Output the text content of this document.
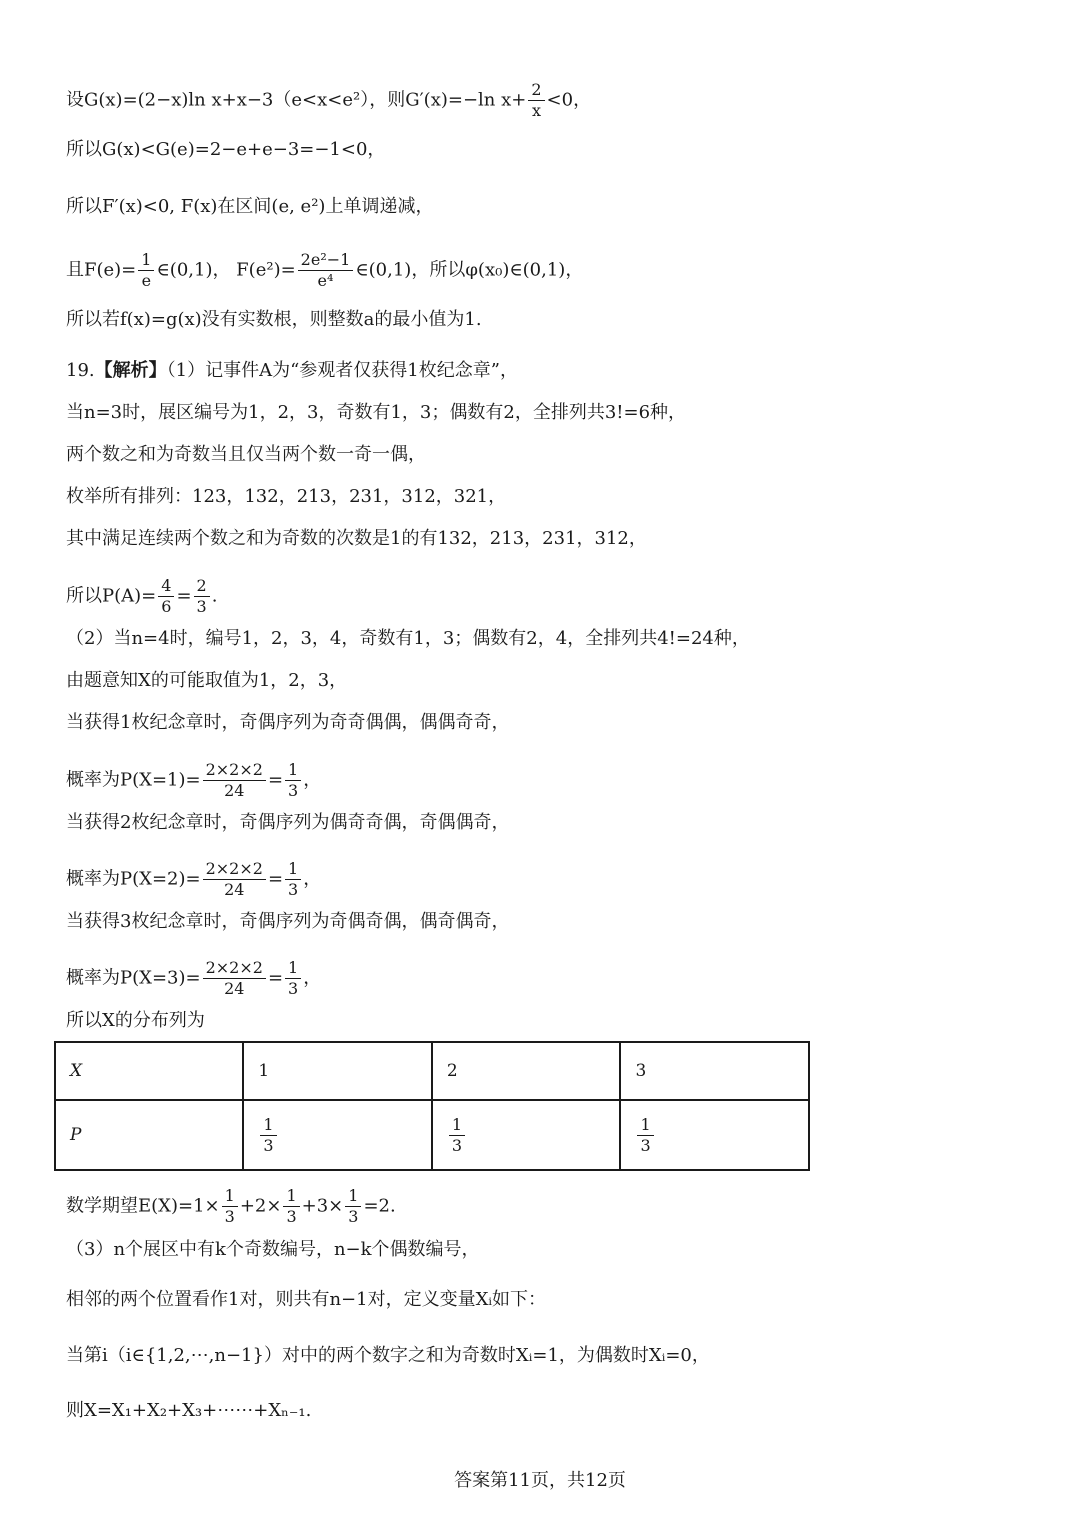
设G(x)=(2−x)ln x+x−3（e<x<e²），则G′(x)=−ln $x+ \frac{2}{x} <0$，
所以G(x)<G(e)=2−e+e−3=−1<0，
所以F′(x)<0, F(x)在区间(e, e²)上单调递减，
且$F(e)= \frac{1}{e}$ ∈(0,1)， $F(e^2)= \frac{\text{2e²−1}}{\text{e⁴}}$ ∈(0,1)，所以φ(x₀)∈(0,1)，
所以若f(x)=g(x)没有实数根，则整数a的最小值为1.
19.【解析】（1）记事件A为“参观者仅获得1枚纪念章”，
当n=3时，展区编号为1，2，3，奇数有1，3；偶数有2，全排列共3!=6种，
两个数之和为奇数当且仅当两个数一奇一偶，
枚举所有排列：123，132，213，231，312，321，
其中满足连续两个数之和为奇数的次数是1的有132，213，231，312，
所以$P(A)= \frac{4}{6} = \frac{2}{3}$ .
（2）当n=4时，编号1，2，3，4，奇数有1，3；偶数有2，4，全排列共4!=24种，
由题意知X的可能取值为1，2，3，
当获得1枚纪念章时，奇偶序列为奇奇偶偶，偶偶奇奇，
概率为$P(X=1)= \frac{2\times 2\times 2}{24} = \frac{1}{3}$ ，
当获得2枚纪念章时，奇偶序列为偶奇奇偶，奇偶偶奇，
概率为$P(X=2)= \frac{2\times 2\times 2}{24} = \frac{1}{3}$ ，
当获得3枚纪念章时，奇偶序列为奇偶奇偶，偶奇偶奇，
概率为$P(X=3)= \frac{2\times 2\times 2}{24} = \frac{1}{3}$ ，
所以X的分布列为
X	1	2	3
P	$\frac{1}{3}$	$\frac{1}{3}$	$\frac{1}{3}$
数学期望$E(X)=1\times \frac{1}{3} +2\times \frac{1}{3} +3\times \frac{1}{3} =2$.
（3）n个展区中有k个奇数编号，n−k个偶数编号，
相邻的两个位置看作1对，则共有n−1对，定义变量Xᵢ如下：
当第i（i∈{1,2,⋯,n−1}）对中的两个数字之和为奇数时Xᵢ=1，为偶数时Xᵢ=0，
则X=X₁+X₂+X₃+⋯⋯+Xₙ₋₁.
答案第11页，共12页
